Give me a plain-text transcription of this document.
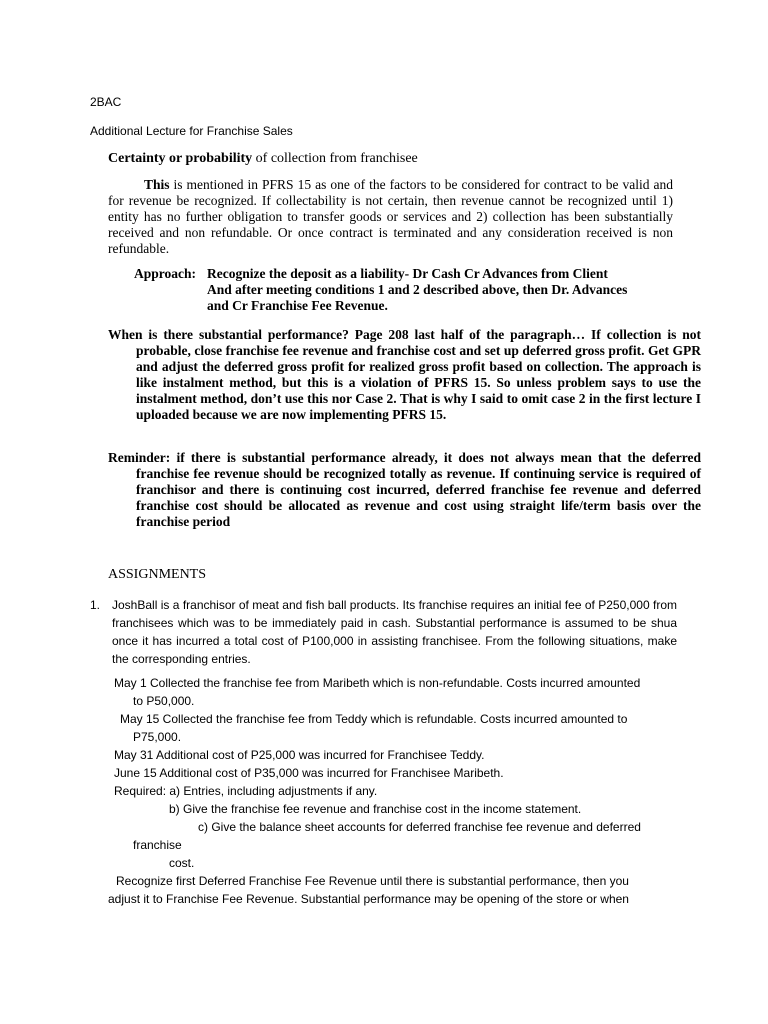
2BAC
Additional Lecture for Franchise Sales
Certainty or probability of collection from franchisee
This is mentioned in PFRS 15 as one of the factors to be considered for contract to be valid and for revenue be recognized. If collectability is not certain, then revenue cannot be recognized until 1) entity has no further obligation to transfer goods or services and 2) collection has been substantially received and non refundable. Or once contract is terminated and any consideration received is non refundable.
Approach: Recognize the deposit as a liability- Dr Cash Cr Advances from Client
And after meeting conditions 1 and 2 described above, then Dr. Advances
and Cr Franchise Fee Revenue.
When is there substantial performance? Page 208 last half of the paragraph… If collection is not probable, close franchise fee revenue and franchise cost and set up deferred gross profit. Get GPR and adjust the deferred gross profit for realized gross profit based on collection. The approach is like instalment method, but this is a violation of PFRS 15. So unless problem says to use the instalment method, don’t use this nor Case 2. That is why I said to omit case 2 in the first lecture I uploaded because we are now implementing PFRS 15.
Reminder: if there is substantial performance already, it does not always mean that the deferred franchise fee revenue should be recognized totally as revenue. If continuing service is required of franchisor and there is continuing cost incurred, deferred franchise fee revenue and deferred franchise cost should be allocated as revenue and cost using straight life/term basis over the franchise period
ASSIGNMENTS
1. JoshBall is a franchisor of meat and fish ball products. Its franchise requires an initial fee of P250,000 from franchisees which was to be immediately paid in cash. Substantial performance is assumed to be shua once it has incurred a total cost of P100,000 in assisting franchisee. From the following situations, make the corresponding entries.
May 1 Collected the franchise fee from Maribeth which is non-refundable. Costs incurred amounted
to P50,000.
May 15 Collected the franchise fee from Teddy which is refundable. Costs incurred amounted to
P75,000.
May 31 Additional cost of P25,000 was incurred for Franchisee Teddy.
June 15 Additional cost of P35,000 was incurred for Franchisee Maribeth.
Required: a) Entries, including adjustments if any.
b) Give the franchise fee revenue and franchise cost in the income statement.
c) Give the balance sheet accounts for deferred franchise fee revenue and deferred
franchise
cost.
Recognize first Deferred Franchise Fee Revenue until there is substantial performance, then you
adjust it to Franchise Fee Revenue. Substantial performance may be opening of the store or when
